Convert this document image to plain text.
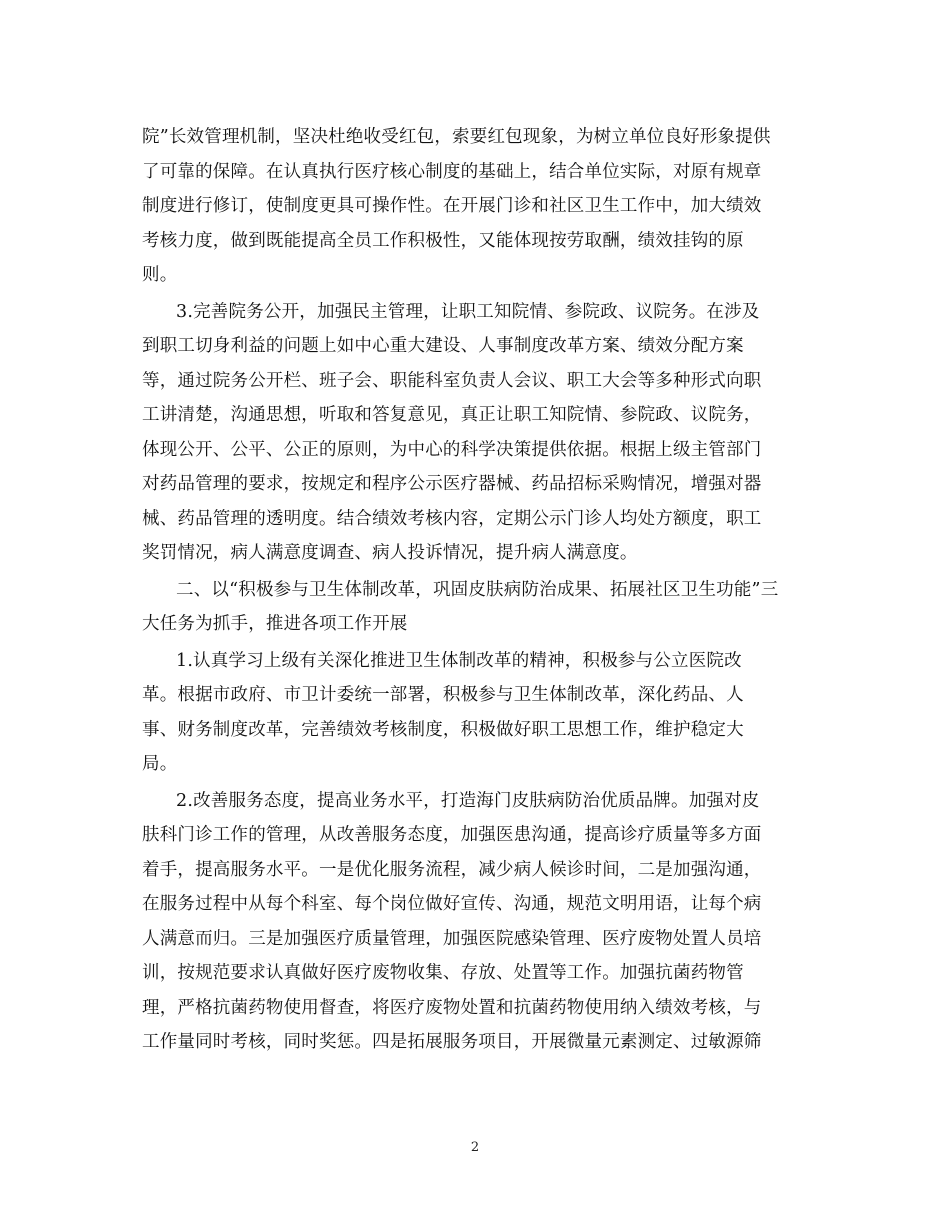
院”长效管理机制，坚决杜绝收受红包，索要红包现象，为树立单位良好形象提供
了可靠的保障。在认真执行医疗核心制度的基础上，结合单位实际，对原有规章
制度进行修订，使制度更具可操作性。在开展门诊和社区卫生工作中，加大绩效
考核力度，做到既能提高全员工作积极性，又能体现按劳取酬，绩效挂钩的原
则。
3.完善院务公开，加强民主管理，让职工知院情、参院政、议院务。在涉及
到职工切身利益的问题上如中心重大建设、人事制度改革方案、绩效分配方案
等，通过院务公开栏、班子会、职能科室负责人会议、职工大会等多种形式向职
工讲清楚，沟通思想，听取和答复意见，真正让职工知院情、参院政、议院务，
体现公开、公平、公正的原则，为中心的科学决策提供依据。根据上级主管部门
对药品管理的要求，按规定和程序公示医疗器械、药品招标采购情况，增强对器
械、药品管理的透明度。结合绩效考核内容，定期公示门诊人均处方额度，职工
奖罚情况，病人满意度调查、病人投诉情况，提升病人满意度。
二、以“积极参与卫生体制改革，巩固皮肤病防治成果、拓展社区卫生功能”三
大任务为抓手，推进各项工作开展
1.认真学习上级有关深化推进卫生体制改革的精神，积极参与公立医院改
革。根据市政府、市卫计委统一部署，积极参与卫生体制改革，深化药品、人
事、财务制度改革，完善绩效考核制度，积极做好职工思想工作，维护稳定大
局。
2.改善服务态度，提高业务水平，打造海门皮肤病防治优质品牌。加强对皮
肤科门诊工作的管理，从改善服务态度，加强医患沟通，提高诊疗质量等多方面
着手，提高服务水平。一是优化服务流程，减少病人候诊时间，二是加强沟通，
在服务过程中从每个科室、每个岗位做好宣传、沟通，规范文明用语，让每个病
人满意而归。三是加强医疗质量管理，加强医院感染管理、医疗废物处置人员培
训，按规范要求认真做好医疗废物收集、存放、处置等工作。加强抗菌药物管
理，严格抗菌药物使用督查，将医疗废物处置和抗菌药物使用纳入绩效考核，与
工作量同时考核，同时奖惩。四是拓展服务项目，开展微量元素测定、过敏源筛
2
